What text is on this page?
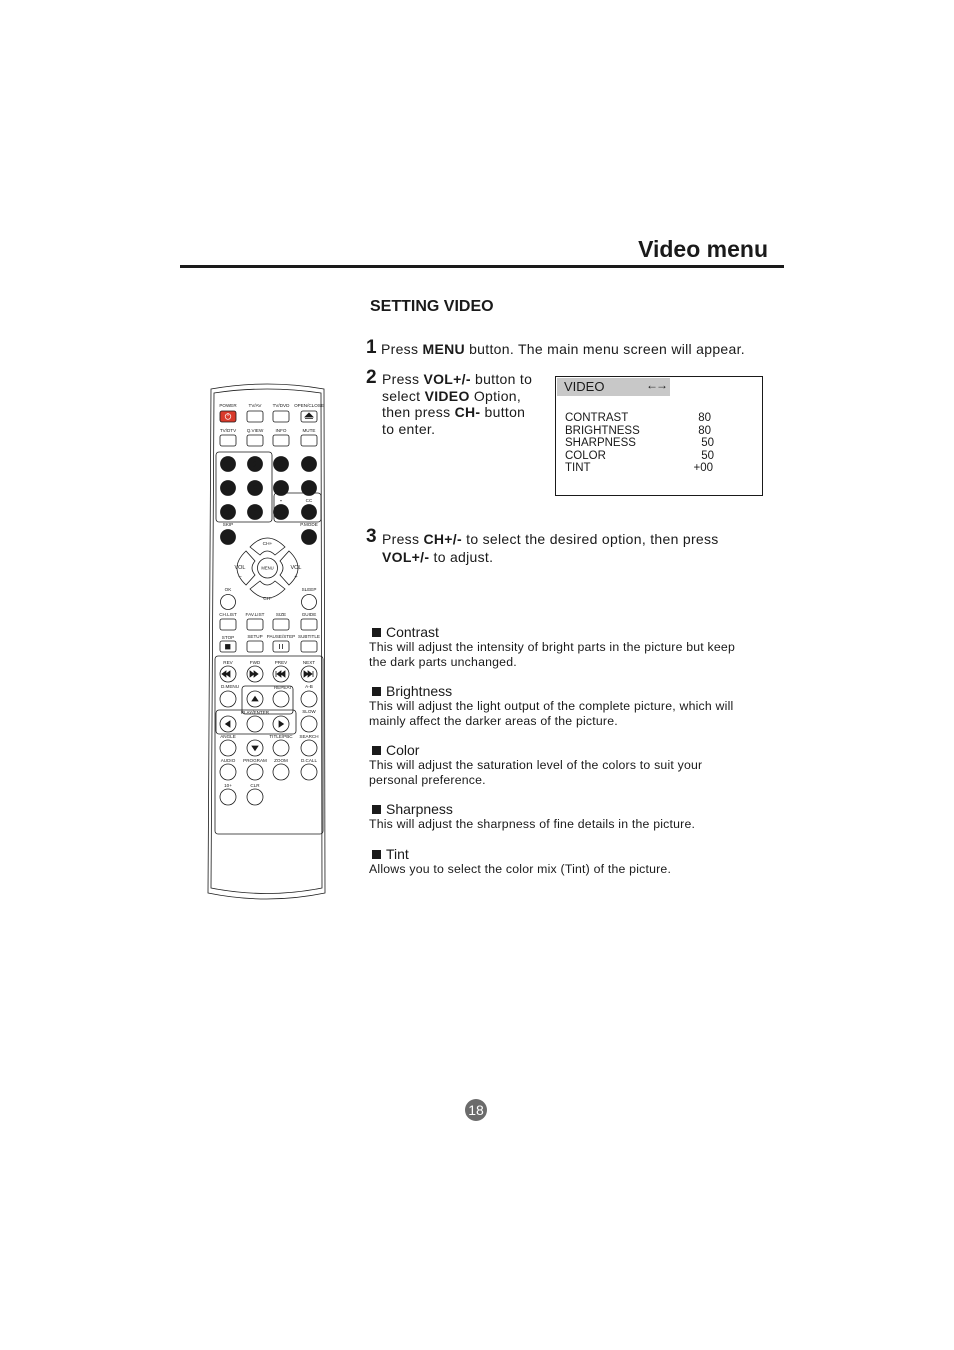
Video menu
SETTING VIDEO
1 Press MENU button. The main menu screen will appear.
2 Press VOL+/- button to
select VIDEO Option,
then press CH- button
to enter.
VIDEO	←→
CONTRAST	80
BRIGHTNESS	80
SHARPNESS	50
COLOR	50
TINT	+00
3 Press CH+/- to select the desired option, then press
VOL+/- to adjust.
Contrast
This will adjust the intensity of bright parts in the picture but keep
the dark parts unchanged.
Brightness
This will adjust the light output of the complete picture, which will
mainly affect the darker areas of the picture.
Color
This will adjust the saturation level of the colors to suit your
personal preference.
Sharpness
This will adjust the sharpness of fine details in the picture.
Tint
Allows you to select the color mix (Tint) of the picture.
POWER	TV/AV TV/DVD OPEN/CLOSE
TV/DTV Q.VIEW	INFO	MUTE
CC
SKIP	P.MODE
OK	SLEEP
CH.LIST FAV.LIST SIZE	GUIDE
STOP	SETUP PAUSE/STEP SUBTITLE
REV	FWD	PREV	NEXT
D.MENU	REPEAT	A-B
PLAY/ENTER	SLOW
ANGLE	TITLE/PBC SEARCH
AUDIO PROGRAM ZOOM	D.CALL
10+	CLR
1 2 3 4
5 6 7 8
9 0
-
CH+
CH-
MENU
VOL
–
VOL
+
18
